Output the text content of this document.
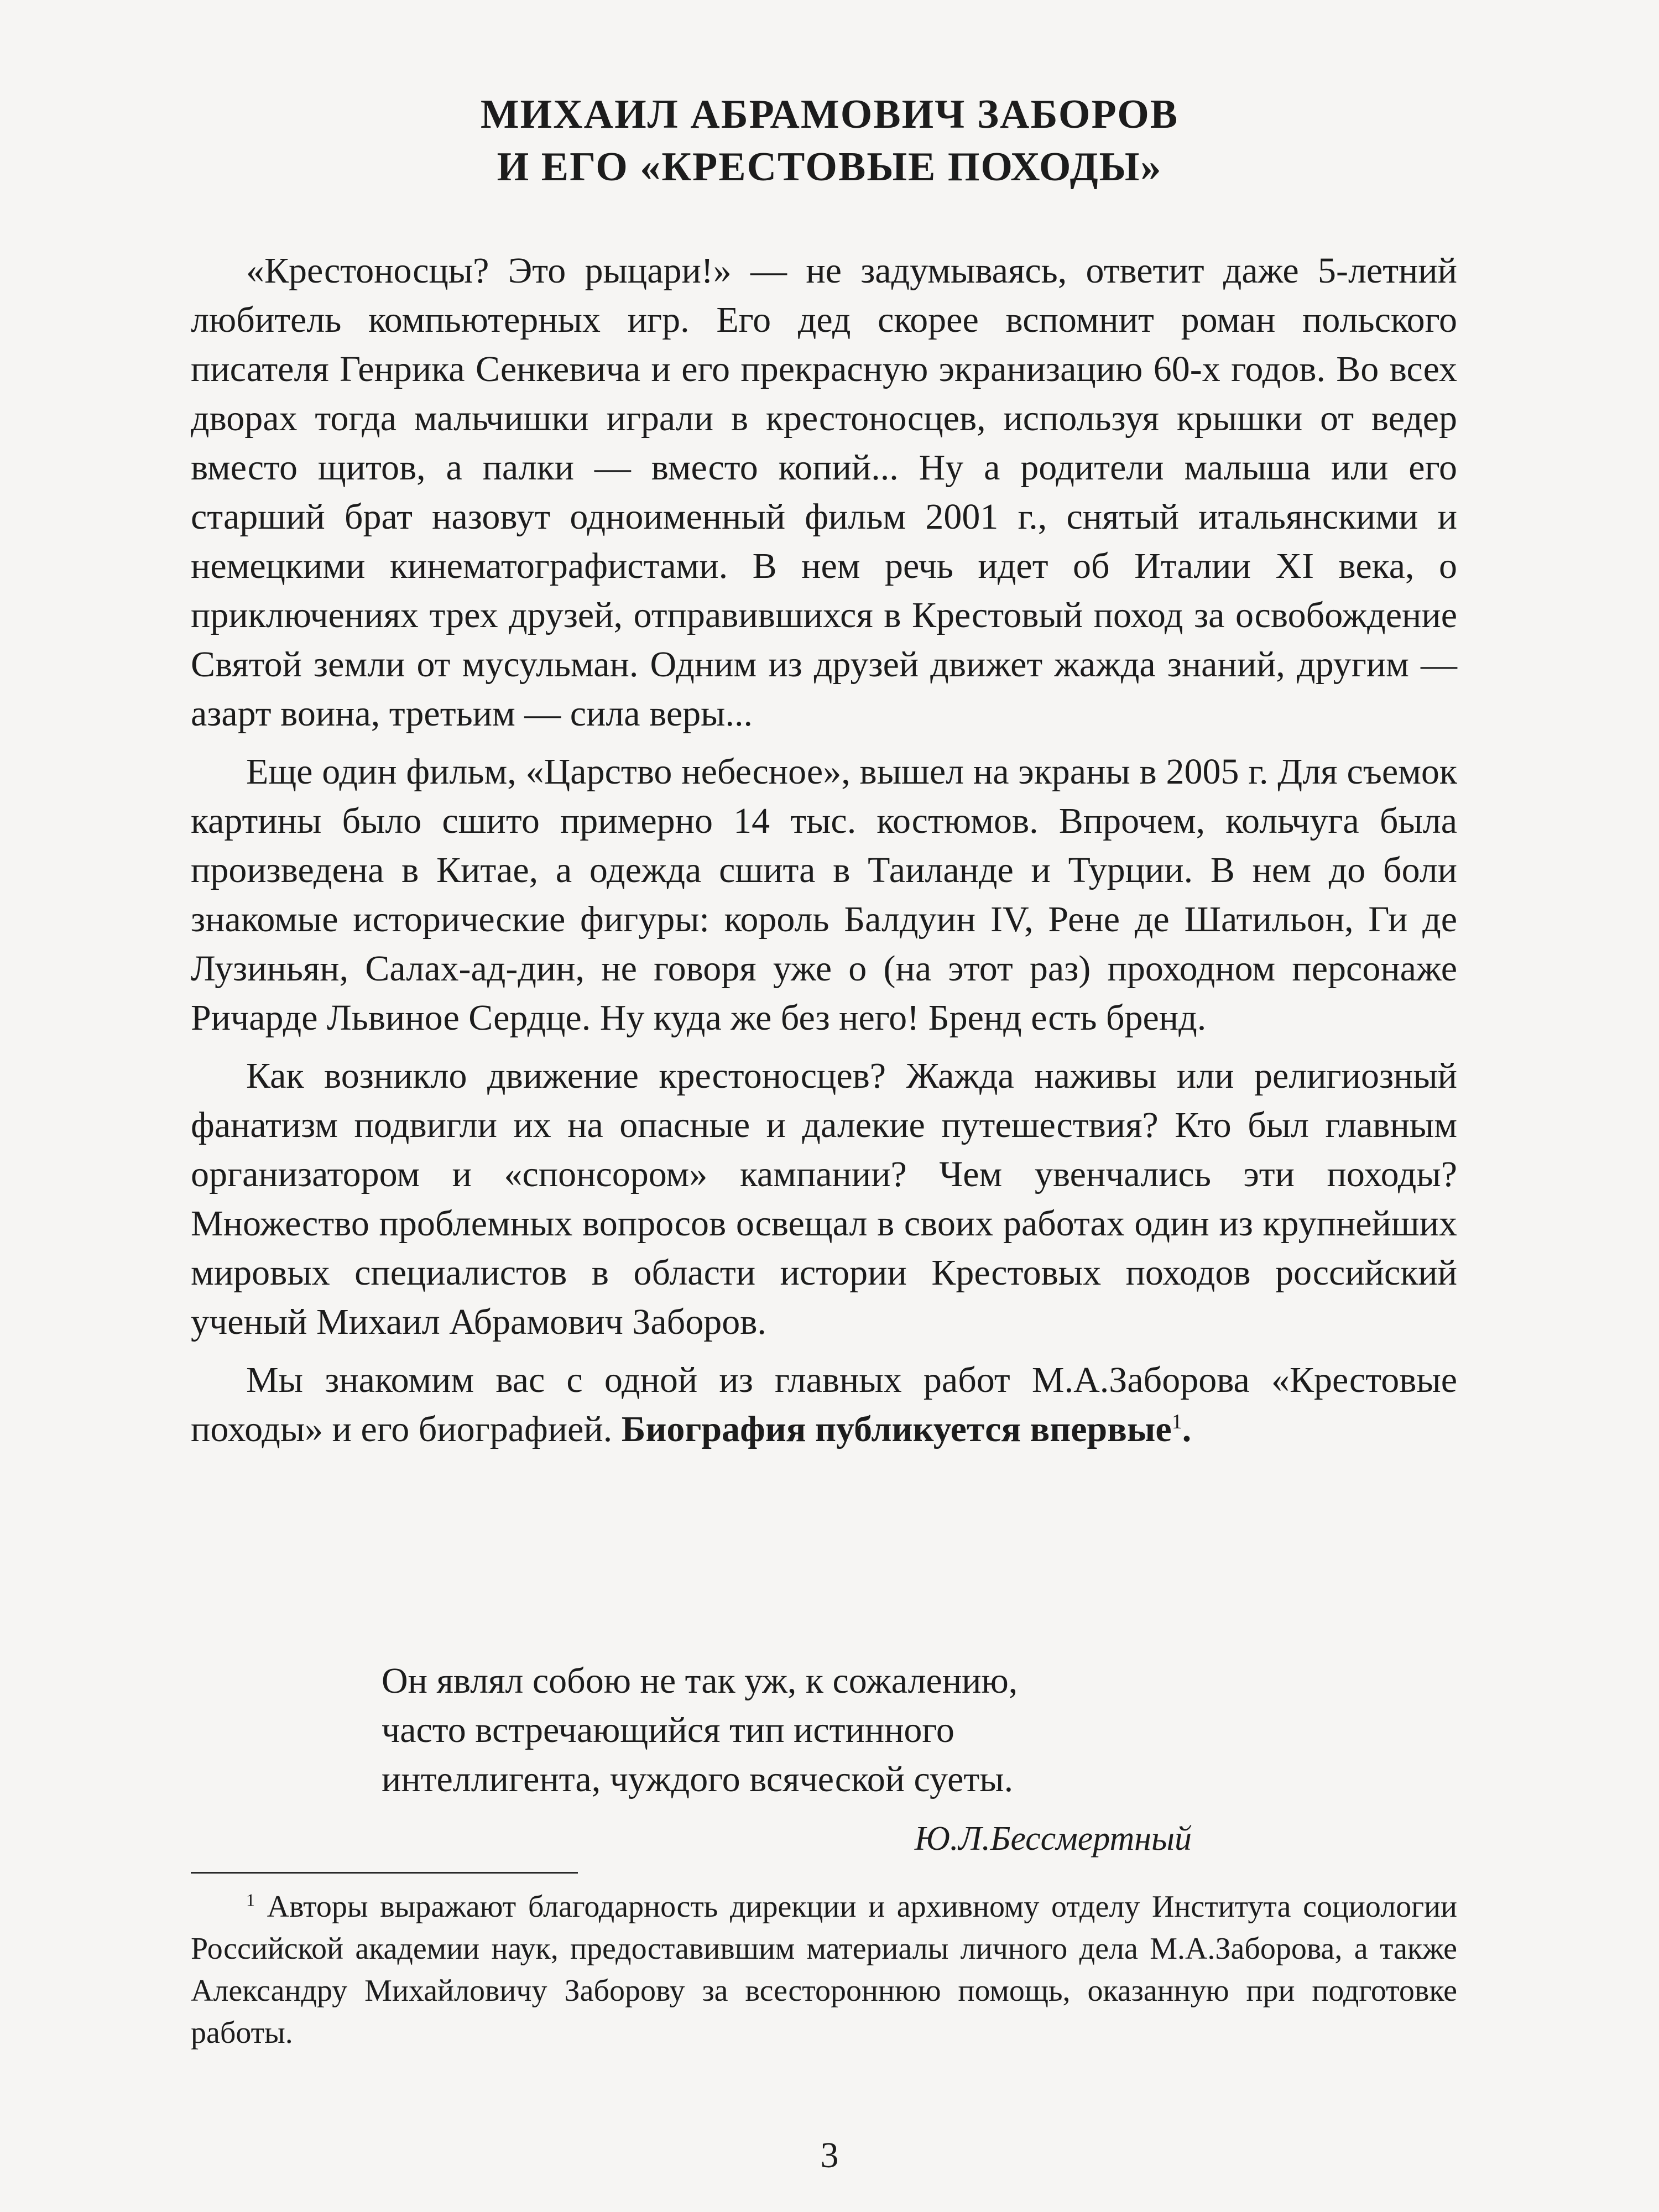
МИХАИЛ АБРАМОВИЧ ЗАБОРОВ
И ЕГО «КРЕСТОВЫЕ ПОХОДЫ»

«Крестоносцы? Это рыцари!» — не задумываясь, ответит даже 5-летний любитель компьютерных игр. Его дед скорее вспомнит роман польского писателя Генрика Сенкевича и его прекрасную экранизацию 60-х годов. Во всех дворах тогда мальчишки играли в крестоносцев, используя крышки от ведер вместо щитов, а палки — вместо копий... Ну а родители малыша или его старший брат назовут одноименный фильм 2001 г., снятый итальянскими и немецкими кинематографистами. В нем речь идет об Италии XI века, о приключениях трех друзей, отправившихся в Крестовый поход за освобождение Святой земли от мусульман. Одним из друзей движет жажда знаний, другим — азарт воина, третьим — сила веры...

Еще один фильм, «Царство небесное», вышел на экраны в 2005 г. Для съемок картины было сшито примерно 14 тыс. костюмов. Впрочем, кольчуга была произведена в Китае, а одежда сшита в Таиланде и Турции. В нем до боли знакомые исторические фигуры: король Балдуин IV, Рене де Шатильон, Ги де Лузиньян, Салах-ад-дин, не говоря уже о (на этот раз) проходном персонаже Ричарде Львиное Сердце. Ну куда же без него! Бренд есть бренд.

Как возникло движение крестоносцев? Жажда наживы или религиозный фанатизм подвигли их на опасные и далекие путешествия? Кто был главным организатором и «спонсором» кампании? Чем увенчались эти походы? Множество проблемных вопросов освещал в своих работах один из крупнейших мировых специалистов в области истории Крестовых походов российский ученый Михаил Абрамович Заборов.

Мы знакомим вас с одной из главных работ М.А.Заборова «Крестовые походы» и его биографией. Биография публикуется впервые$^1$.

Он являл собою не так уж, к сожалению,
часто встречающийся тип истинного
интеллигента, чуждого всяческой суеты.
Ю.Л.Бессмертный
$^1$ Авторы выражают благодарность дирекции и архивному отделу Института социологии Российской академии наук, предоставившим материалы личного дела М.А.Заборова, а также Александру Михайловичу Заборову за всестороннюю помощь, оказанную при подготовке работы.
3
